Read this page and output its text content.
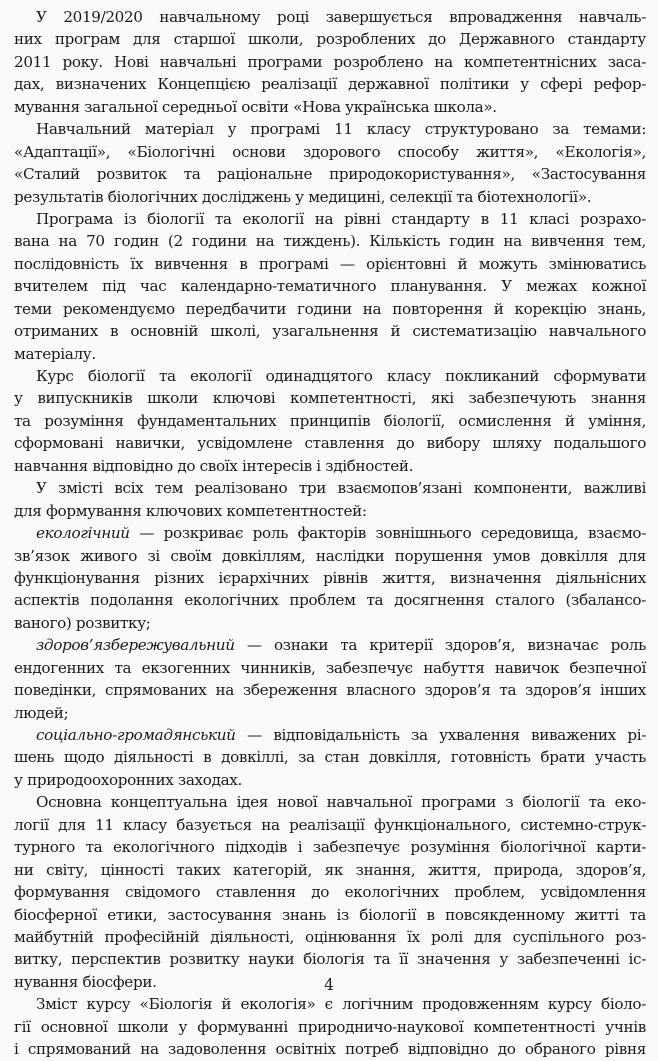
У 2019/2020 навчальному році завершується впровадження навчаль-
них програм для старшої школи, розроблених до Державного стандарту
2011 року. Нові навчальні програми розроблено на компетентнісних заса-
дах, визначених Концепцією реалізації державної політики у сфері рефор-
мування загальної середньої освіти «Нова українська школа».
Навчальний матеріал у програмі 11 класу структуровано за темами:
«Адаптації», «Біологічні основи здорового способу життя», «Екологія»,
«Сталий розвиток та раціональне природокористування», «Застосування
результатів біологічних досліджень у медицині, селекції та біотехнології».
Програма із біології та екології на рівні стандарту в 11 класі розрахо-
вана на 70 годин (2 години на тиждень). Кількість годин на вивчення тем,
послідовність їх вивчення в програмі — орієнтовні й можуть змінюватись
вчителем під час календарно-тематичного планування. У межах кожної
теми рекомендуємо передбачити години на повторення й корекцію знань,
отриманих в основній школі, узагальнення й систематизацію навчального
матеріалу.
Курс біології та екології одинадцятого класу покликаний сформувати
у випускників школи ключові компетентності, які забезпечують знання
та розуміння фундаментальних принципів біології, осмислення й уміння,
сформовані навички, усвідомлене ставлення до вибору шляху подальшого
навчання відповідно до своїх інтересів і здібностей.
У змісті всіх тем реалізовано три взаємопов’язані компоненти, важливі
для формування ключових компетентностей:
екологічний — розкриває роль факторів зовнішнього середовища, взаємо-
зв’язок живого зі своїм довкіллям, наслідки порушення умов довкілля для
функціонування різних ієрархічних рівнів життя, визначення діяльнісних
аспектів подолання екологічних проблем та досягнення сталого (збалансо-
ваного) розвитку;
здоров’язбережувальний — ознаки та критерії здоров’я, визначає роль
ендогенних та екзогенних чинників, забезпечує набуття навичок безпечної
поведінки, спрямованих на збереження власного здоров’я та здоров’я інших
людей;
соціально-громадянський — відповідальність за ухвалення виважених рі-
шень щодо діяльності в довкіллі, за стан довкілля, готовність брати участь
у природоохоронних заходах.
Основна концептуальна ідея нової навчальної програми з біології та еко-
логії для 11 класу базується на реалізації функціонального, системно-струк-
турного та екологічного підходів і забезпечує розуміння біологічної карти-
ни світу, цінності таких категорій, як знання, життя, природа, здоров’я,
формування свідомого ставлення до екологічних проблем, усвідомлення
біосферної етики, застосування знань із біології в повсякденному житті та
майбутній професійній діяльності, оцінювання їх ролі для суспільного роз-
витку, перспектив розвитку науки біологія та її значення у забезпеченні іс-
нування біосфери.
Зміст курсу «Біологія й екологія» є логічним продовженням курсу біоло-
гії основної школи у формуванні природничо-наукової компетентності учнів
і спрямований на задоволення освітніх потреб відповідно до обраного рівня
4
